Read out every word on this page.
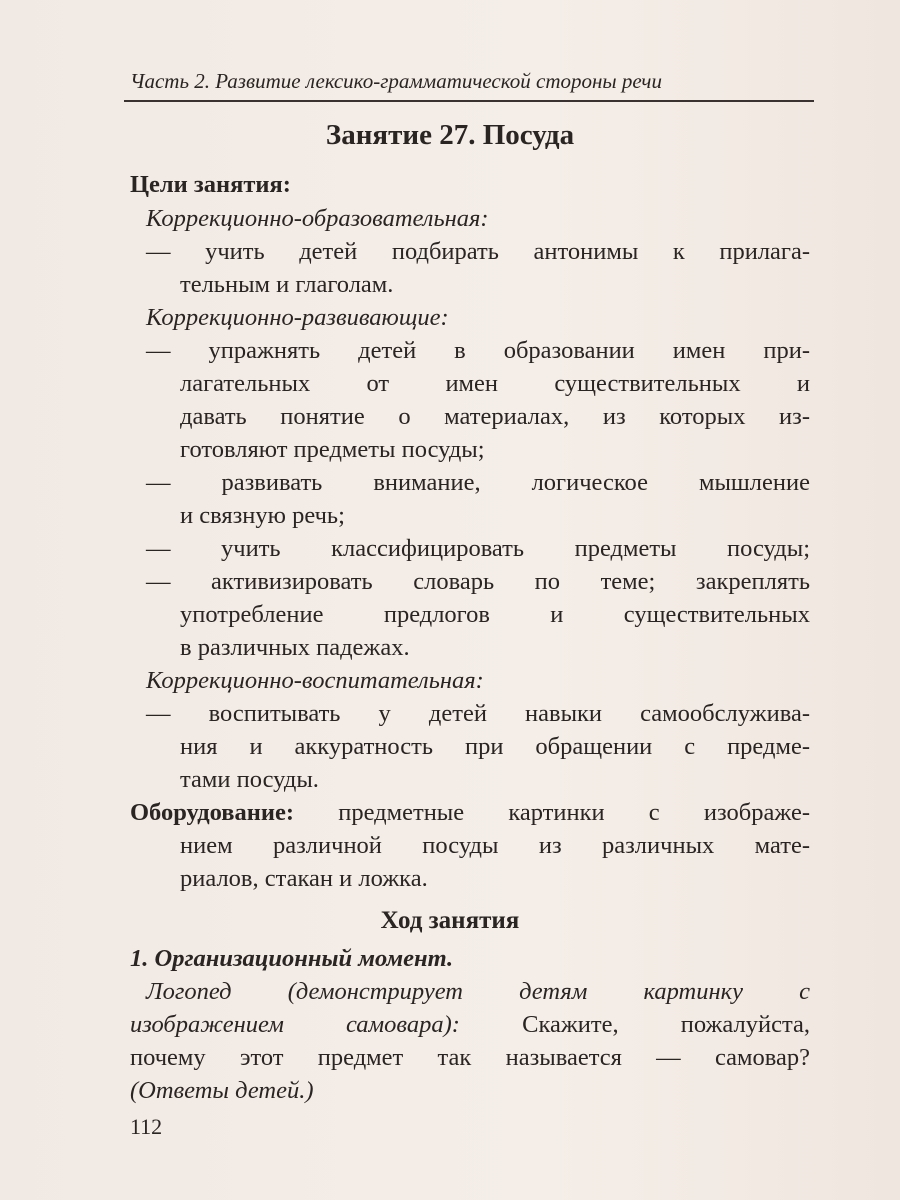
Часть 2. Развитие лексико-грамматической стороны речи
Занятие 27. Посуда
Цели занятия:
Коррекционно-образовательная:
— учить детей подбирать антонимы к прилага-
тельным и глаголам.
Коррекционно-развивающие:
— упражнять детей в образовании имен при-
лагательных от имен существительных и
давать понятие о материалах, из которых из-
готовляют предметы посуды;
— развивать внимание, логическое мышление
и связную речь;
— учить классифицировать предметы посуды;
— активизировать словарь по теме; закреплять
употребление предлогов и существительных
в различных падежах.
Коррекционно-воспитательная:
— воспитывать у детей навыки самообслужива-
ния и аккуратность при обращении с предме-
тами посуды.
Оборудование: предметные картинки с изображе-
нием различной посуды из различных мате-
риалов, стакан и ложка.
Ход занятия
1. Организационный момент.
Логопед (демонстрирует детям картинку с
изображением самовара): Скажите, пожалуйста,
почему этот предмет так называется — самовар?
(Ответы детей.)
112
